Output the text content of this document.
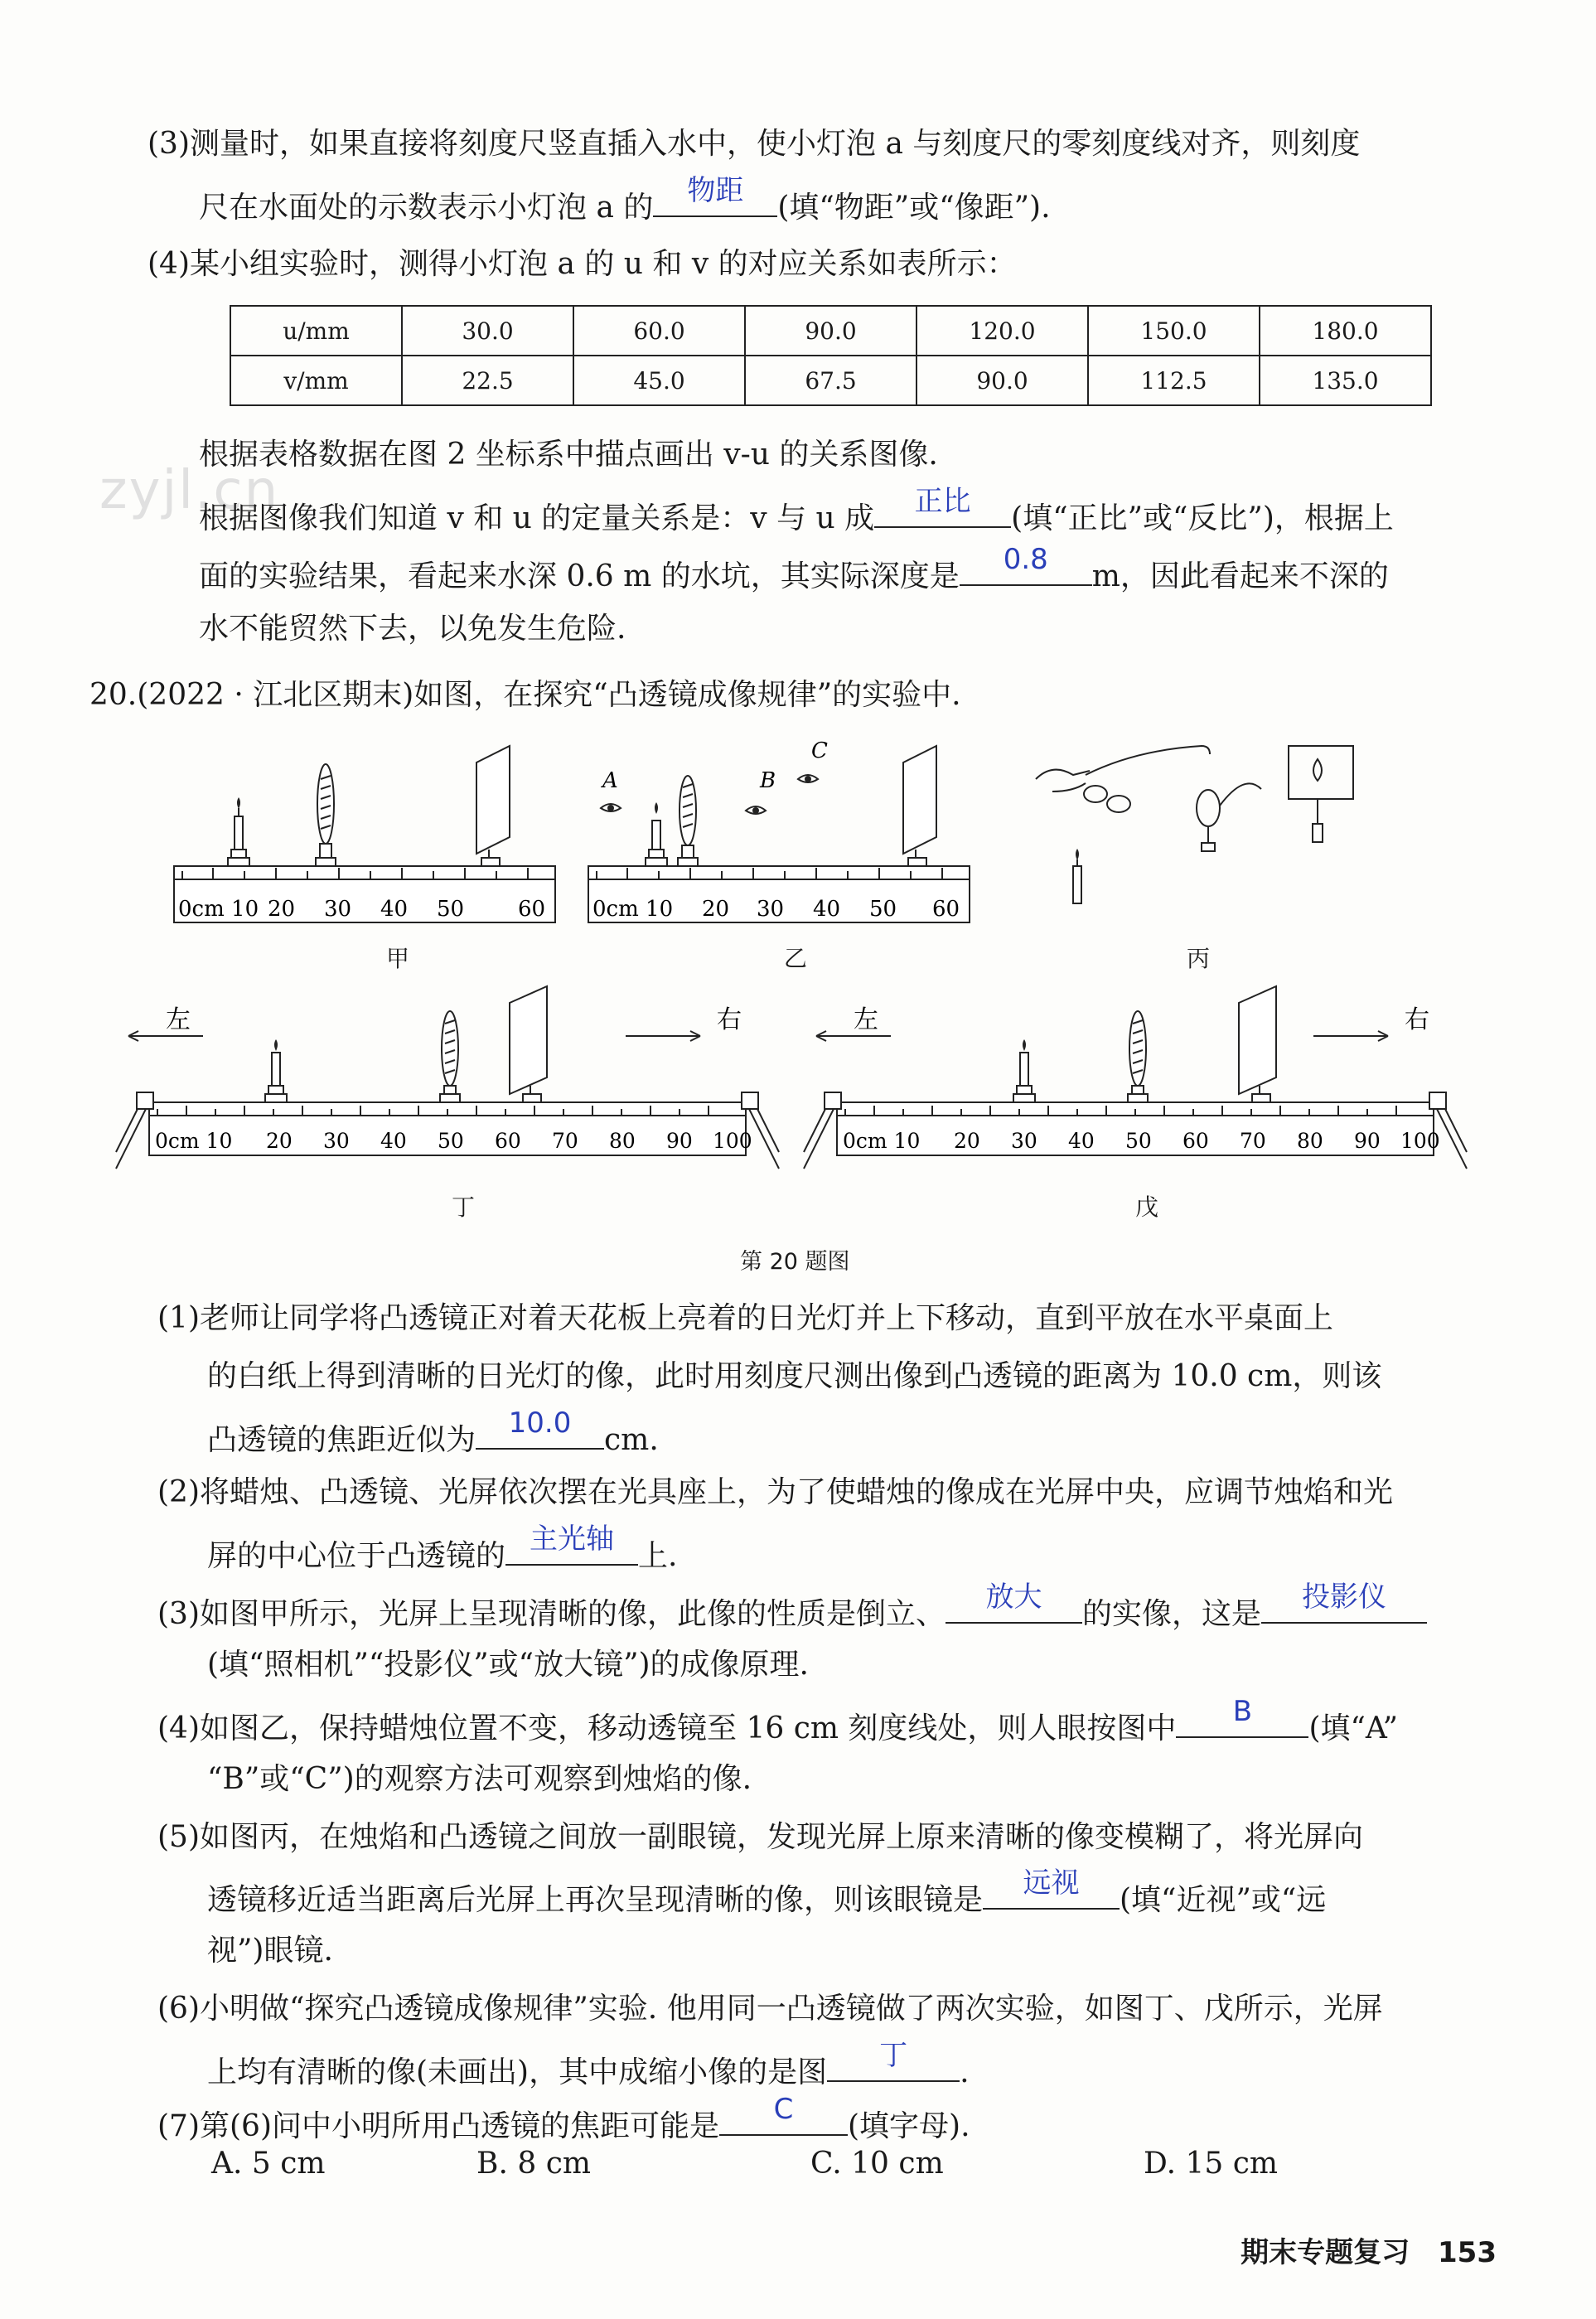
zyjl.cn
(3)测量时，如果直接将刻度尺竖直插入水中，使小灯泡 a 与刻度尺的零刻度线对齐，则刻度
尺在水面处的示数表示小灯泡 a 的	物距	(填“物距”或“像距”).
(4)某小组实验时，测得小灯泡 a 的 u 和 v 的对应关系如表所示：
u/mm	30.0	60.0	90.0	120.0	150.0	180.0
v/mm	22.5	45.0	67.5	90.0	112.5	135.0
根据表格数据在图 2 坐标系中描点画出 v-u 的关系图像.
根据图像我们知道 v 和 u 的定量关系是：v 与 u 成	正比	(填“正比”或“反比”)，根据上
面的实验结果，看起来水深 0.6 m 的水坑，其实际深度是	0.8	m，因此看起来不深的
水不能贸然下去，以免发生危险.
20.(2022 · 江北区期末)如图，在探究“凸透镜成像规律”的实验中.
0cm 10 20 30 40 50 60
甲
A	B
C
0cm 10 20 30 40 50 60
乙	丙
左	右
0cm 10 20 30 40 50 60 70 80 90 100
丁
左	右
0cm 10 20 30 40 50 60 70 80 90 100
戊
第 20 题图
(1)老师让同学将凸透镜正对着天花板上亮着的日光灯并上下移动，直到平放在水平桌面上
的白纸上得到清晰的日光灯的像，此时用刻度尺测出像到凸透镜的距离为 10.0 cm，则该
凸透镜的焦距近似为	10.0	cm.
(2)将蜡烛、凸透镜、光屏依次摆在光具座上，为了使蜡烛的像成在光屏中央，应调节烛焰和光
屏的中心位于凸透镜的 主光轴 上.
(3)如图甲所示，光屏上呈现清晰的像，此像的性质是倒立、	放大	的实像，这是	投影仪
(填“照相机”“投影仪”或“放大镜”)的成像原理.
(4)如图乙，保持蜡烛位置不变，移动透镜至 16 cm 刻度线处，则人眼按图中	B	(填“A”
“B”或“C”)的观察方法可观察到烛焰的像.
(5)如图丙，在烛焰和凸透镜之间放一副眼镜，发现光屏上原来清晰的像变模糊了，将光屏向
透镜移近适当距离后光屏上再次呈现清晰的像，则该眼镜是	远视	(填“近视”或“远
视”)眼镜.
(6)小明做“探究凸透镜成像规律”实验. 他用同一凸透镜做了两次实验，如图丁、戊所示，光屏
上均有清晰的像(未画出)，其中成缩小像的是图	丁	.
(7)第(6)问中小明所用凸透镜的焦距可能是	C	(填字母).
A. 5 cm	B. 8 cm	C. 10 cm	D. 15 cm
期末专题复习 153
